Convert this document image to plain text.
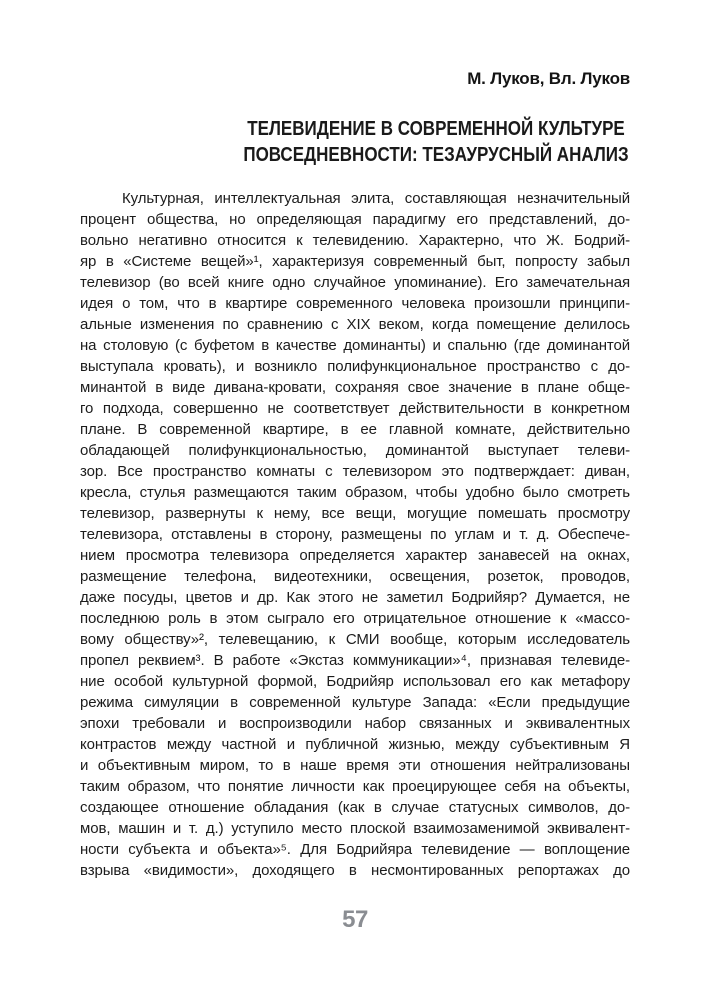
М. Луков, Вл. Луков
ТЕЛЕВИДЕНИЕ В СОВРЕМЕННОЙ КУЛЬТУРЕ
ПОВСЕДНЕВНОСТИ: ТЕЗАУРУСНЫЙ АНАЛИЗ
Культурная, интеллектуальная элита, составляющая незначительный
процент общества, но определяющая парадигму его представлений, до-
вольно негативно относится к телевидению. Характерно, что Ж. Бодрий-
яр в «Системе вещей»¹, характеризуя современный быт, попросту забыл
телевизор (во всей книге одно случайное упоминание). Его замечательная
идея о том, что в квартире современного человека произошли принципи-
альные изменения по сравнению с XIX веком, когда помещение делилось
на столовую (с буфетом в качестве доминанты) и спальню (где доминантой
выступала кровать), и возникло полифункциональное пространство с до-
минантой в виде дивана-кровати, сохраняя свое значение в плане обще-
го подхода, совершенно не соответствует действительности в конкретном
плане. В современной квартире, в ее главной комнате, действительно
обладающей полифункциональностью, доминантой выступает телеви-
зор. Все пространство комнаты с телевизором это подтверждает: диван,
кресла, стулья размещаются таким образом, чтобы удобно было смотреть
телевизор, развернуты к нему, все вещи, могущие помешать просмотру
телевизора, отставлены в сторону, размещены по углам и т. д. Обеспече-
нием просмотра телевизора определяется характер занавесей на окнах,
размещение телефона, видеотехники, освещения, розеток, проводов,
даже посуды, цветов и др. Как этого не заметил Бодрийяр? Думается, не
последнюю роль в этом сыграло его отрицательное отношение к «массо-
вому обществу»², телевещанию, к СМИ вообще, которым исследователь
пропел реквием³. В работе «Экстаз коммуникации»⁴, признавая телевиде-
ние особой культурной формой, Бодрийяр использовал его как метафору
режима симуляции в современной культуре Запада: «Если предыдущие
эпохи требовали и воспроизводили набор связанных и эквивалентных
контрастов между частной и публичной жизнью, между субъективным Я
и объективным миром, то в наше время эти отношения нейтрализованы
таким образом, что понятие личности как проецирующее себя на объекты,
создающее отношение обладания (как в случае статусных символов, до-
мов, машин и т. д.) уступило место плоской взаимозаменимой эквивалент-
ности субъекта и объекта»⁵. Для Бодрийяра телевидение — воплощение
взрыва «видимости», доходящего в несмонтированных репортажах до
57
